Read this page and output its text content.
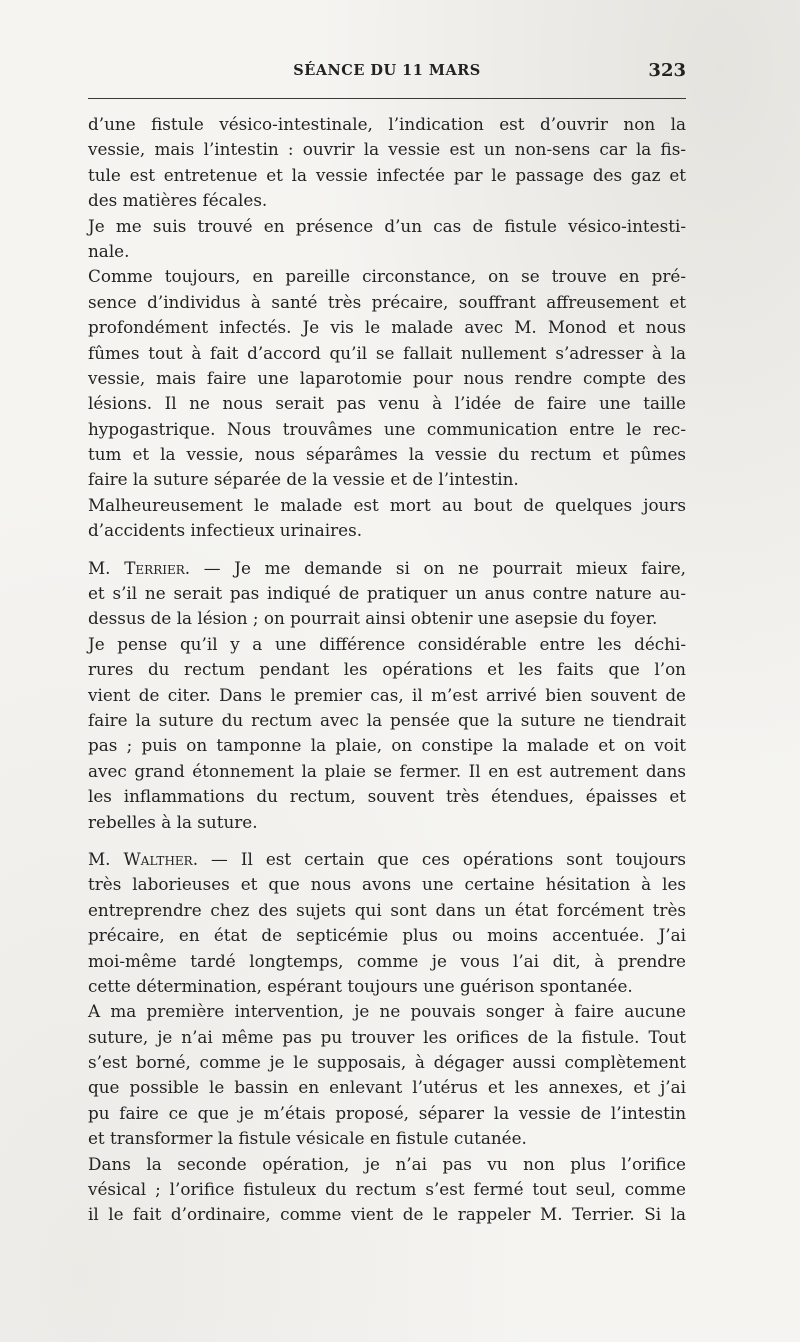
SÉANCE DU 11 MARS	323
d’une fistule vésico-intestinale, l’indication est d’ouvrir non la
vessie, mais l’intestin : ouvrir la vessie est un non-sens car la fis-
tule est entretenue et la vessie infectée par le passage des gaz et
des matières fécales.
Je me suis trouvé en présence d’un cas de fistule vésico-intesti-
nale.
Comme toujours, en pareille circonstance, on se trouve en pré-
sence d’individus à santé très précaire, souffrant affreusement et
profondément infectés. Je vis le malade avec M. Monod et nous
fûmes tout à fait d’accord qu’il se fallait nullement s’adresser à la
vessie, mais faire une laparotomie pour nous rendre compte des
lésions. Il ne nous serait pas venu à l’idée de faire une taille
hypogastrique. Nous trouvâmes une communication entre le rec-
tum et la vessie, nous séparâmes la vessie du rectum et pûmes
faire la suture séparée de la vessie et de l’intestin.
Malheureusement le malade est mort au bout de quelques jours
d’accidents infectieux urinaires.
M. Terrier. — Je me demande si on ne pourrait mieux faire,
et s’il ne serait pas indiqué de pratiquer un anus contre nature au-
dessus de la lésion ; on pourrait ainsi obtenir une asepsie du foyer.
Je pense qu’il y a une différence considérable entre les déchi-
rures du rectum pendant les opérations et les faits que l’on
vient de citer. Dans le premier cas, il m’est arrivé bien souvent de
faire la suture du rectum avec la pensée que la suture ne tiendrait
pas ; puis on tamponne la plaie, on constipe la malade et on voit
avec grand étonnement la plaie se fermer. Il en est autrement dans
les inflammations du rectum, souvent très étendues, épaisses et
rebelles à la suture.
M. Walther. — Il est certain que ces opérations sont toujours
très laborieuses et que nous avons une certaine hésitation à les
entreprendre chez des sujets qui sont dans un état forcément très
précaire, en état de septicémie plus ou moins accentuée. J’ai
moi-même tardé longtemps, comme je vous l’ai dit, à prendre
cette détermination, espérant toujours une guérison spontanée.
A ma première intervention, je ne pouvais songer à faire aucune
suture, je n’ai même pas pu trouver les orifices de la fistule. Tout
s’est borné, comme je le supposais, à dégager aussi complètement
que possible le bassin en enlevant l’utérus et les annexes, et j’ai
pu faire ce que je m’étais proposé, séparer la vessie de l’intestin
et transformer la fistule vésicale en fistule cutanée.
Dans la seconde opération, je n’ai pas vu non plus l’orifice
vésical ; l’orifice fistuleux du rectum s’est fermé tout seul, comme
il le fait d’ordinaire, comme vient de le rappeler M. Terrier. Si la
